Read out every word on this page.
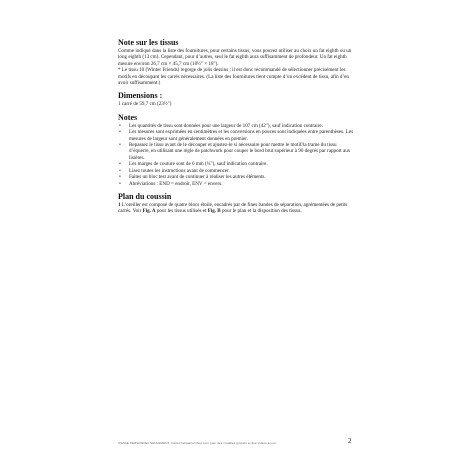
Note sur les tissus

Comme indiqué dans la liste des fournitures, pour certains tissus, vous pouvez utiliser au choix un fat eighth ou un long eighth (13 cm). Cependant, pour d’autres, seul le fat eighth aura suffisamment de profondeur. Un fat eighth mesure environ 26,7 cm × 45,7 cm (10½" × 18").

* Le tissu 10 (Winter Friends) regorge de jolis dessins ; il est donc recommandé de sélectionner précisément les motifs en découpant les carrés nécessaires. (La liste des fournitures tient compte d’un excédent de tissu, afin d’en avoir suffisamment.)

Dimensions :

1 carré de 59,7 cm (23½")

Notes
• Les quantités de tissu sont données pour une largeur de 107 cm (42"), sauf indication contraire.
• Les mesures sont exprimées en centimètres et les conversions en pouces sont indiquées entre parenthèses. Les mesures de largeur sont généralement données en premier.
• Repassez le tissu avant de le découper et ajustez-le si nécessaire pour mettre le motif/la trame du tissu d’équerre, en utilisant une règle de patchwork pour couper le bord brut supérieur à 90 degrés par rapport aux lisières.
• Les marges de couture sont de 6 mm (¼"), sauf indication contraire.
• Lisez toutes les instructions avant de commencer.
• Faites un bloc test avant de continuer à réaliser les autres éléments.
• Abréviations : END = endroit, ENV = envers.
Plan du coussin

1 L’oreiller est composé de quatre blocs étoile, encadrés par de fines bandes de séparation, agrémentées de petits carrés. Voir Fig. A pour les tissus utilisés et Fig. B pour le plan et la disposition des tissus.

USAGE PERSONNEL SEULEMENT. Visitez fatquartershop.com pour des modèles gratuits et des vidéos à jour.	2
